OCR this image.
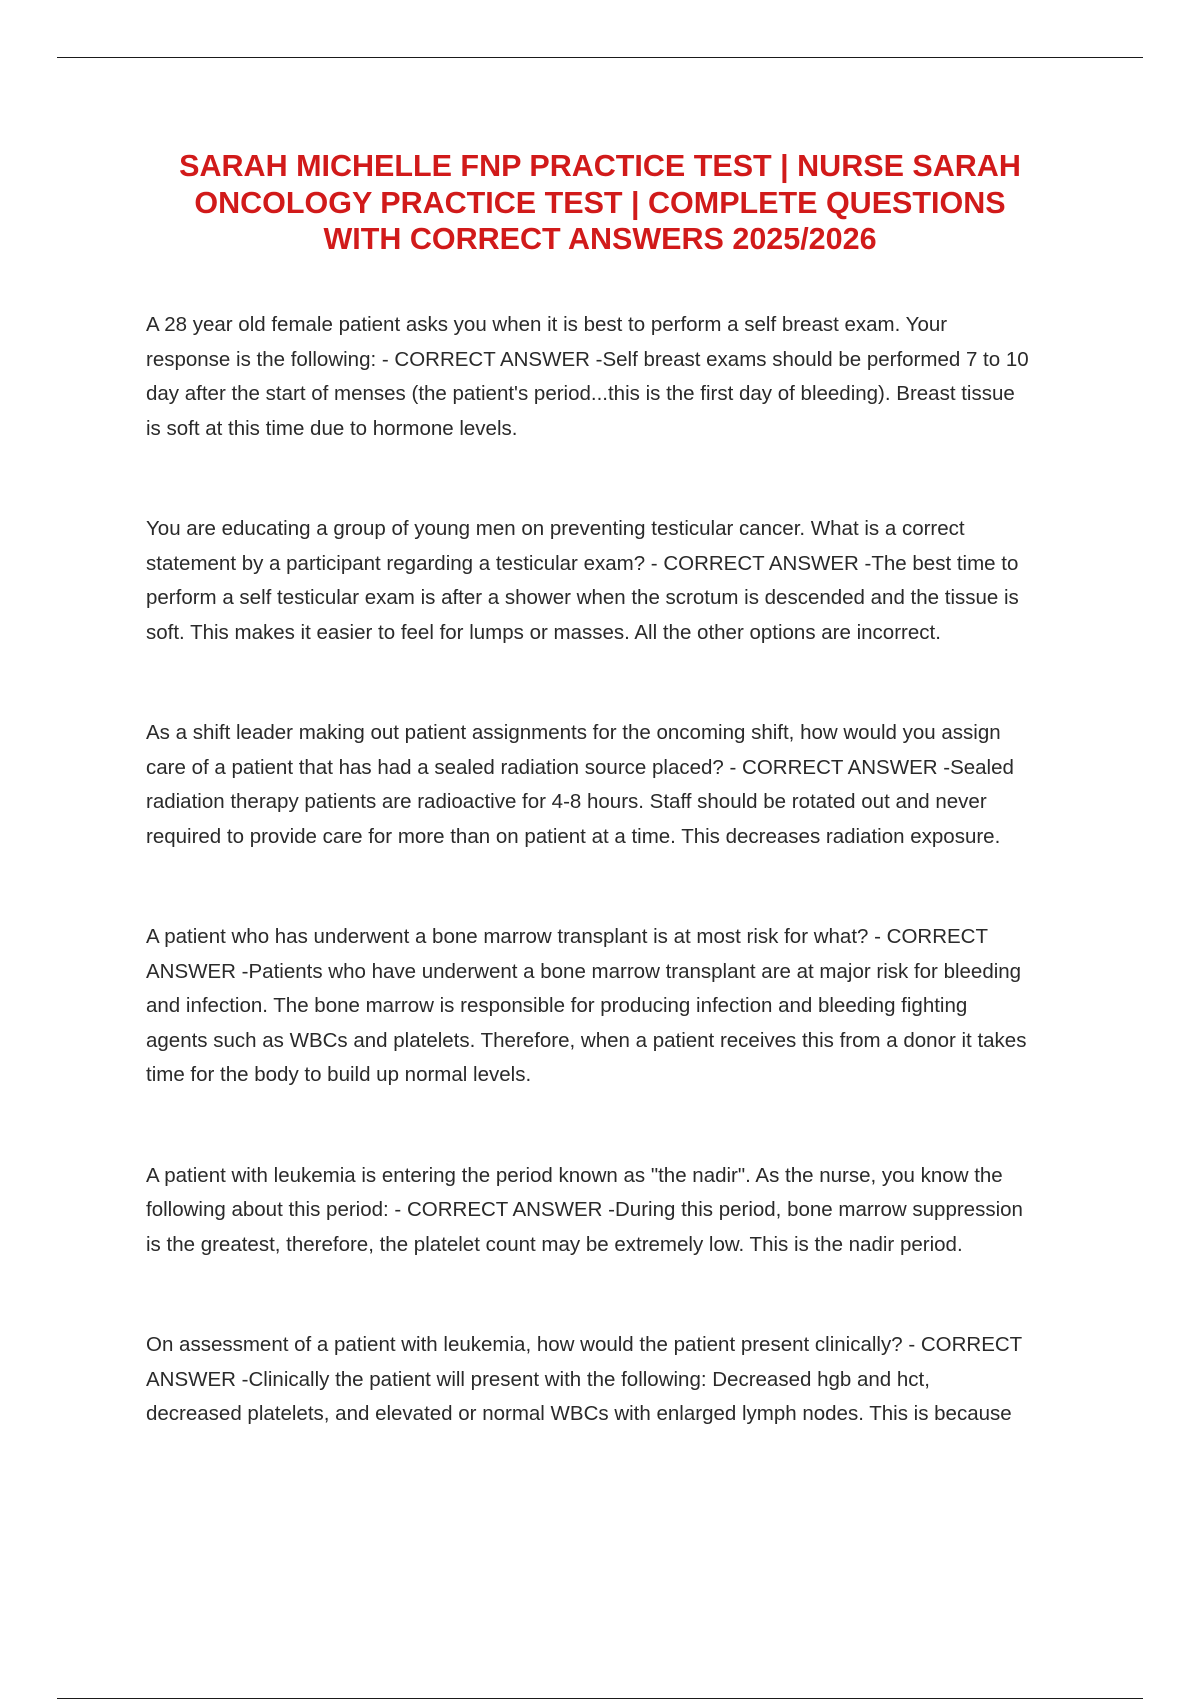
SARAH MICHELLE FNP PRACTICE TEST | NURSE SARAH
ONCOLOGY PRACTICE TEST | COMPLETE QUESTIONS
WITH CORRECT ANSWERS 2025/2026

A 28 year old female patient asks you when it is best to perform a self breast exam. Your
response is the following: - CORRECT ANSWER -Self breast exams should be performed 7 to 10
day after the start of menses (the patient's period...this is the first day of bleeding). Breast tissue
is soft at this time due to hormone levels.

You are educating a group of young men on preventing testicular cancer. What is a correct
statement by a participant regarding a testicular exam? - CORRECT ANSWER -The best time to
perform a self testicular exam is after a shower when the scrotum is descended and the tissue is
soft. This makes it easier to feel for lumps or masses. All the other options are incorrect.

As a shift leader making out patient assignments for the oncoming shift, how would you assign
care of a patient that has had a sealed radiation source placed? - CORRECT ANSWER -Sealed
radiation therapy patients are radioactive for 4-8 hours. Staff should be rotated out and never
required to provide care for more than on patient at a time. This decreases radiation exposure.

A patient who has underwent a bone marrow transplant is at most risk for what? - CORRECT
ANSWER -Patients who have underwent a bone marrow transplant are at major risk for bleeding
and infection. The bone marrow is responsible for producing infection and bleeding fighting
agents such as WBCs and platelets. Therefore, when a patient receives this from a donor it takes
time for the body to build up normal levels.

A patient with leukemia is entering the period known as "the nadir". As the nurse, you know the
following about this period: - CORRECT ANSWER -During this period, bone marrow suppression
is the greatest, therefore, the platelet count may be extremely low. This is the nadir period.

On assessment of a patient with leukemia, how would the patient present clinically? - CORRECT
ANSWER -Clinically the patient will present with the following: Decreased hgb and hct,
decreased platelets, and elevated or normal WBCs with enlarged lymph nodes. This is because
